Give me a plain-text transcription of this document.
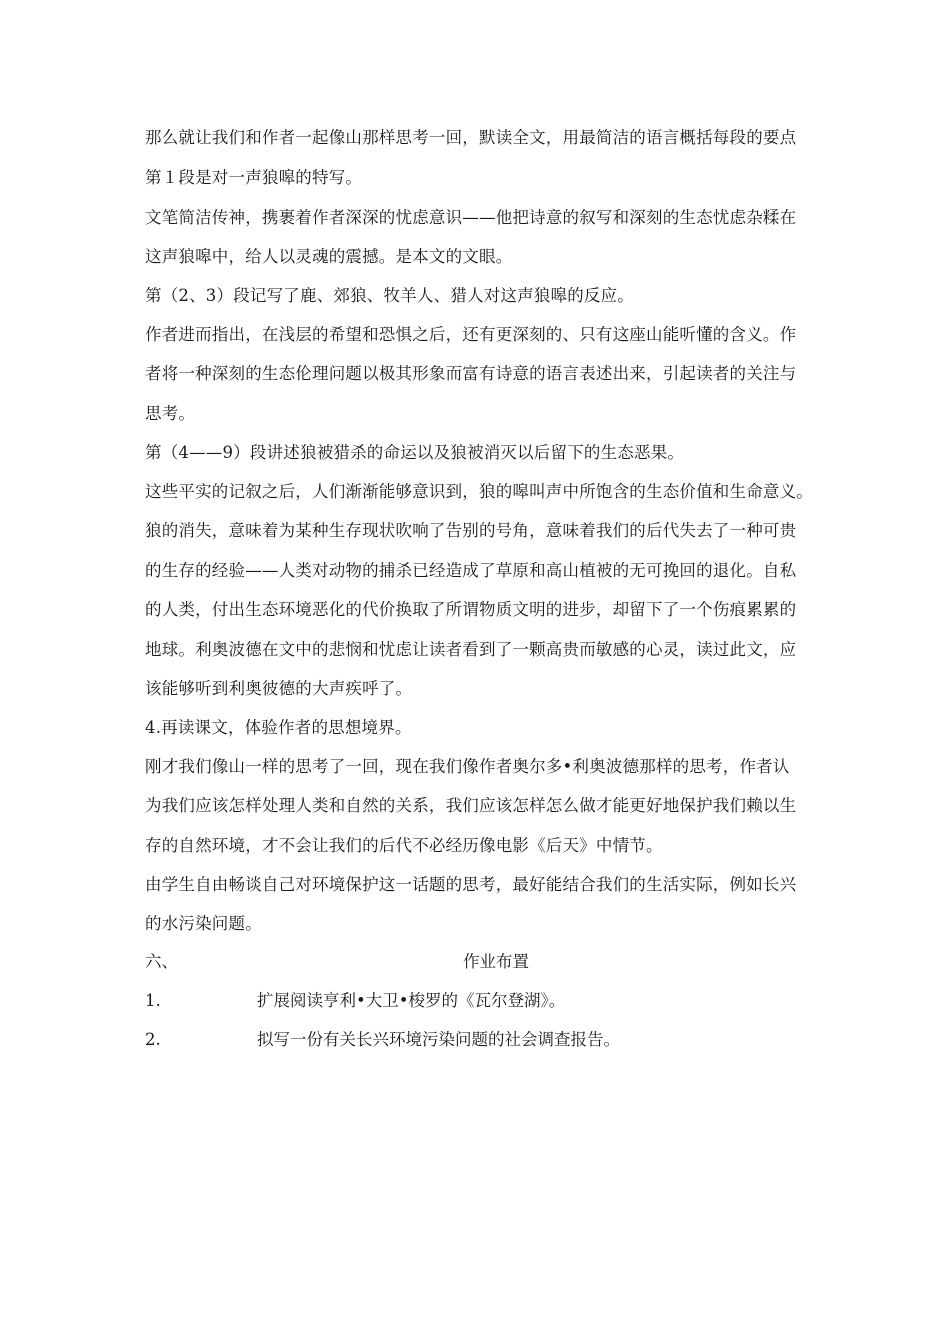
那么就让我们和作者一起像山那样思考一回，默读全文，用最简洁的语言概括每段的要点
第１段是对一声狼嗥的特写。
文笔简洁传神，携裹着作者深深的忧虑意识——他把诗意的叙写和深刻的生态忧虑杂糅在
这声狼嗥中，给人以灵魂的震撼。是本文的文眼。
第（2、3）段记写了鹿、郊狼、牧羊人、猎人对这声狼嗥的反应。
作者进而指出，在浅层的希望和恐惧之后，还有更深刻的、只有这座山能听懂的含义。作
者将一种深刻的生态伦理问题以极其形象而富有诗意的语言表述出来，引起读者的关注与
思考。
第（4——9）段讲述狼被猎杀的命运以及狼被消灭以后留下的生态恶果。
这些平实的记叙之后，人们渐渐能够意识到，狼的嗥叫声中所饱含的生态价值和生命意义。
狼的消失，意味着为某种生存现状吹响了告别的号角，意味着我们的后代失去了一种可贵
的生存的经验——人类对动物的捕杀已经造成了草原和高山植被的无可挽回的退化。自私
的人类，付出生态环境恶化的代价换取了所谓物质文明的进步，却留下了一个伤痕累累的
地球。利奥波德在文中的悲悯和忧虑让读者看到了一颗高贵而敏感的心灵，读过此文，应
该能够听到利奥彼德的大声疾呼了。
4.再读课文，体验作者的思想境界。
刚才我们像山一样的思考了一回，现在我们像作者奥尔多•利奥波德那样的思考，作者认
为我们应该怎样处理人类和自然的关系，我们应该怎样怎么做才能更好地保护我们赖以生
存的自然环境，才不会让我们的后代不必经历像电影《后天》中情节。
由学生自由畅谈自己对环境保护这一话题的思考，最好能结合我们的生活实际，例如长兴
的水污染问题。
六、	作业布置
1.	扩展阅读亨利•大卫•梭罗的《瓦尔登湖》。
2.	拟写一份有关长兴环境污染问题的社会调查报告。
